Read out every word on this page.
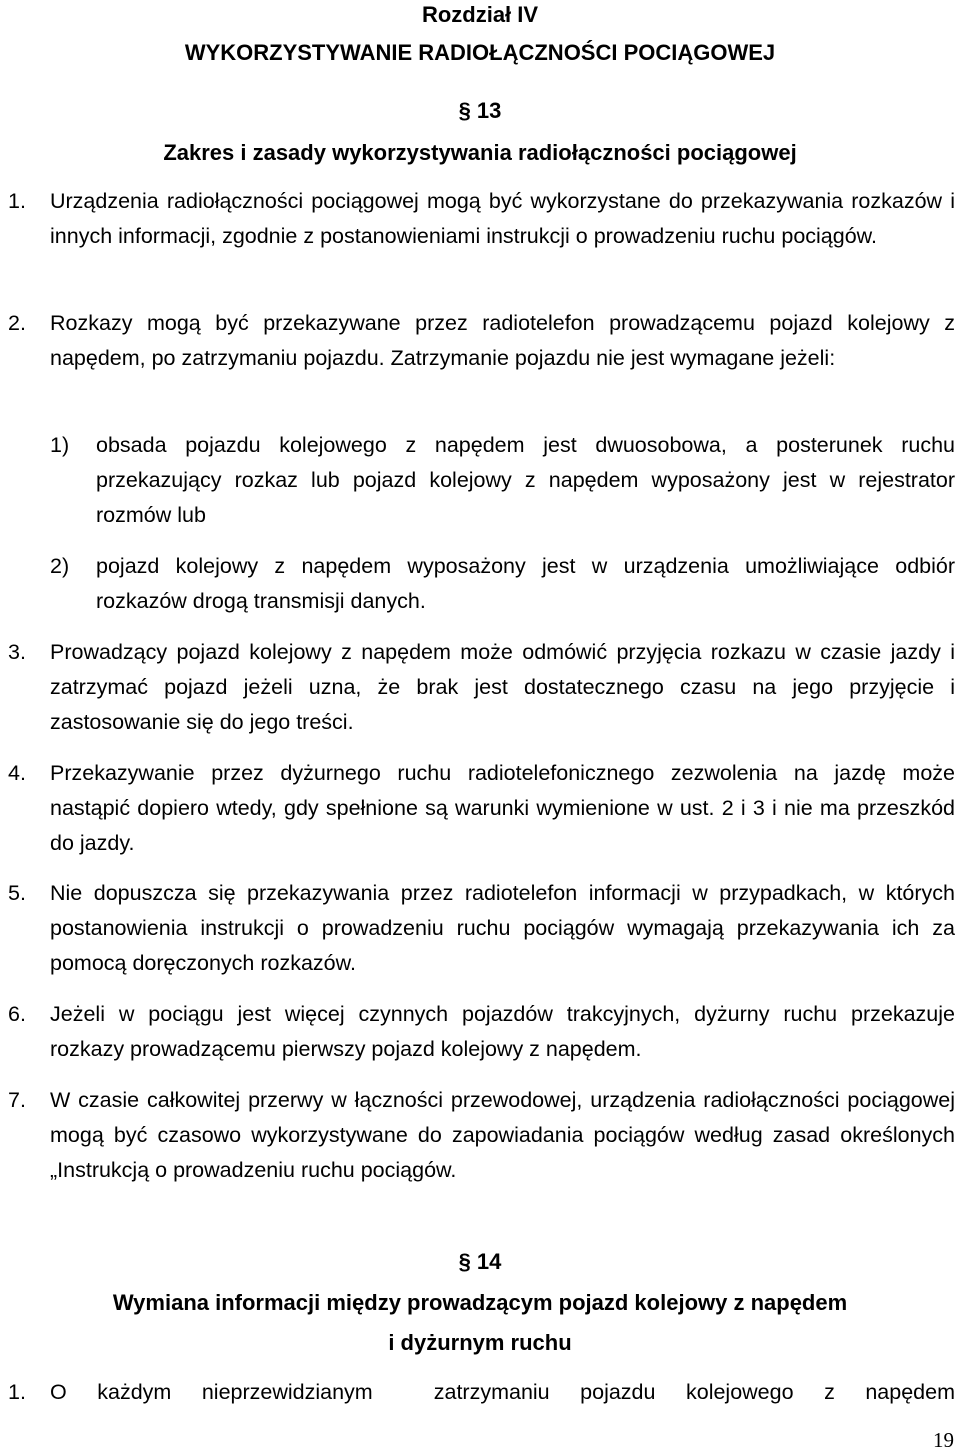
Rozdział IV
WYKORZYSTYWANIE RADIOŁĄCZNOŚCI POCIĄGOWEJ
§ 13
Zakres i zasady wykorzystywania radiołączności pociągowej
1. Urządzenia radiołączności pociągowej mogą być wykorzystane do przekazywania rozkazów i innych informacji, zgodnie z postanowieniami instrukcji o prowadzeniu ruchu pociągów.
2. Rozkazy mogą być przekazywane przez radiotelefon prowadzącemu pojazd kolejowy z napędem, po zatrzymaniu pojazdu. Zatrzymanie pojazdu nie jest wymagane jeżeli:
1) obsada pojazdu kolejowego z napędem jest dwuosobowa, a posterunek ruchu przekazujący rozkaz lub pojazd kolejowy z napędem wyposażony jest w rejestrator rozmów lub
2) pojazd kolejowy z napędem wyposażony jest w urządzenia umożliwiające odbiór rozkazów drogą transmisji danych.
3. Prowadzący pojazd kolejowy z napędem może odmówić przyjęcia rozkazu w czasie jazdy i zatrzymać pojazd jeżeli uzna, że brak jest dostatecznego czasu na jego przyjęcie i zastosowanie się do jego treści.
4. Przekazywanie przez dyżurnego ruchu radiotelefonicznego zezwolenia na jazdę może nastąpić dopiero wtedy, gdy spełnione są warunki wymienione w ust. 2 i 3 i nie ma przeszkód do jazdy.
5. Nie dopuszcza się przekazywania przez radiotelefon informacji w przypadkach, w których postanowienia instrukcji o prowadzeniu ruchu pociągów wymagają przekazywania ich za pomocą doręczonych rozkazów.
6. Jeżeli w pociągu jest więcej czynnych pojazdów trakcyjnych, dyżurny ruchu przekazuje rozkazy prowadzącemu pierwszy pojazd kolejowy z napędem.
7. W czasie całkowitej przerwy w łączności przewodowej, urządzenia radiołączności pociągowej mogą być czasowo wykorzystywane do zapowiadania pociągów według zasad określonych „Instrukcją o prowadzeniu ruchu pociągów.
§ 14
Wymiana informacji między prowadzącym pojazd kolejowy z napędem
i dyżurnym ruchu
1. O każdym nieprzewidzianym  zatrzymaniu pojazdu kolejowego z napędem
19
